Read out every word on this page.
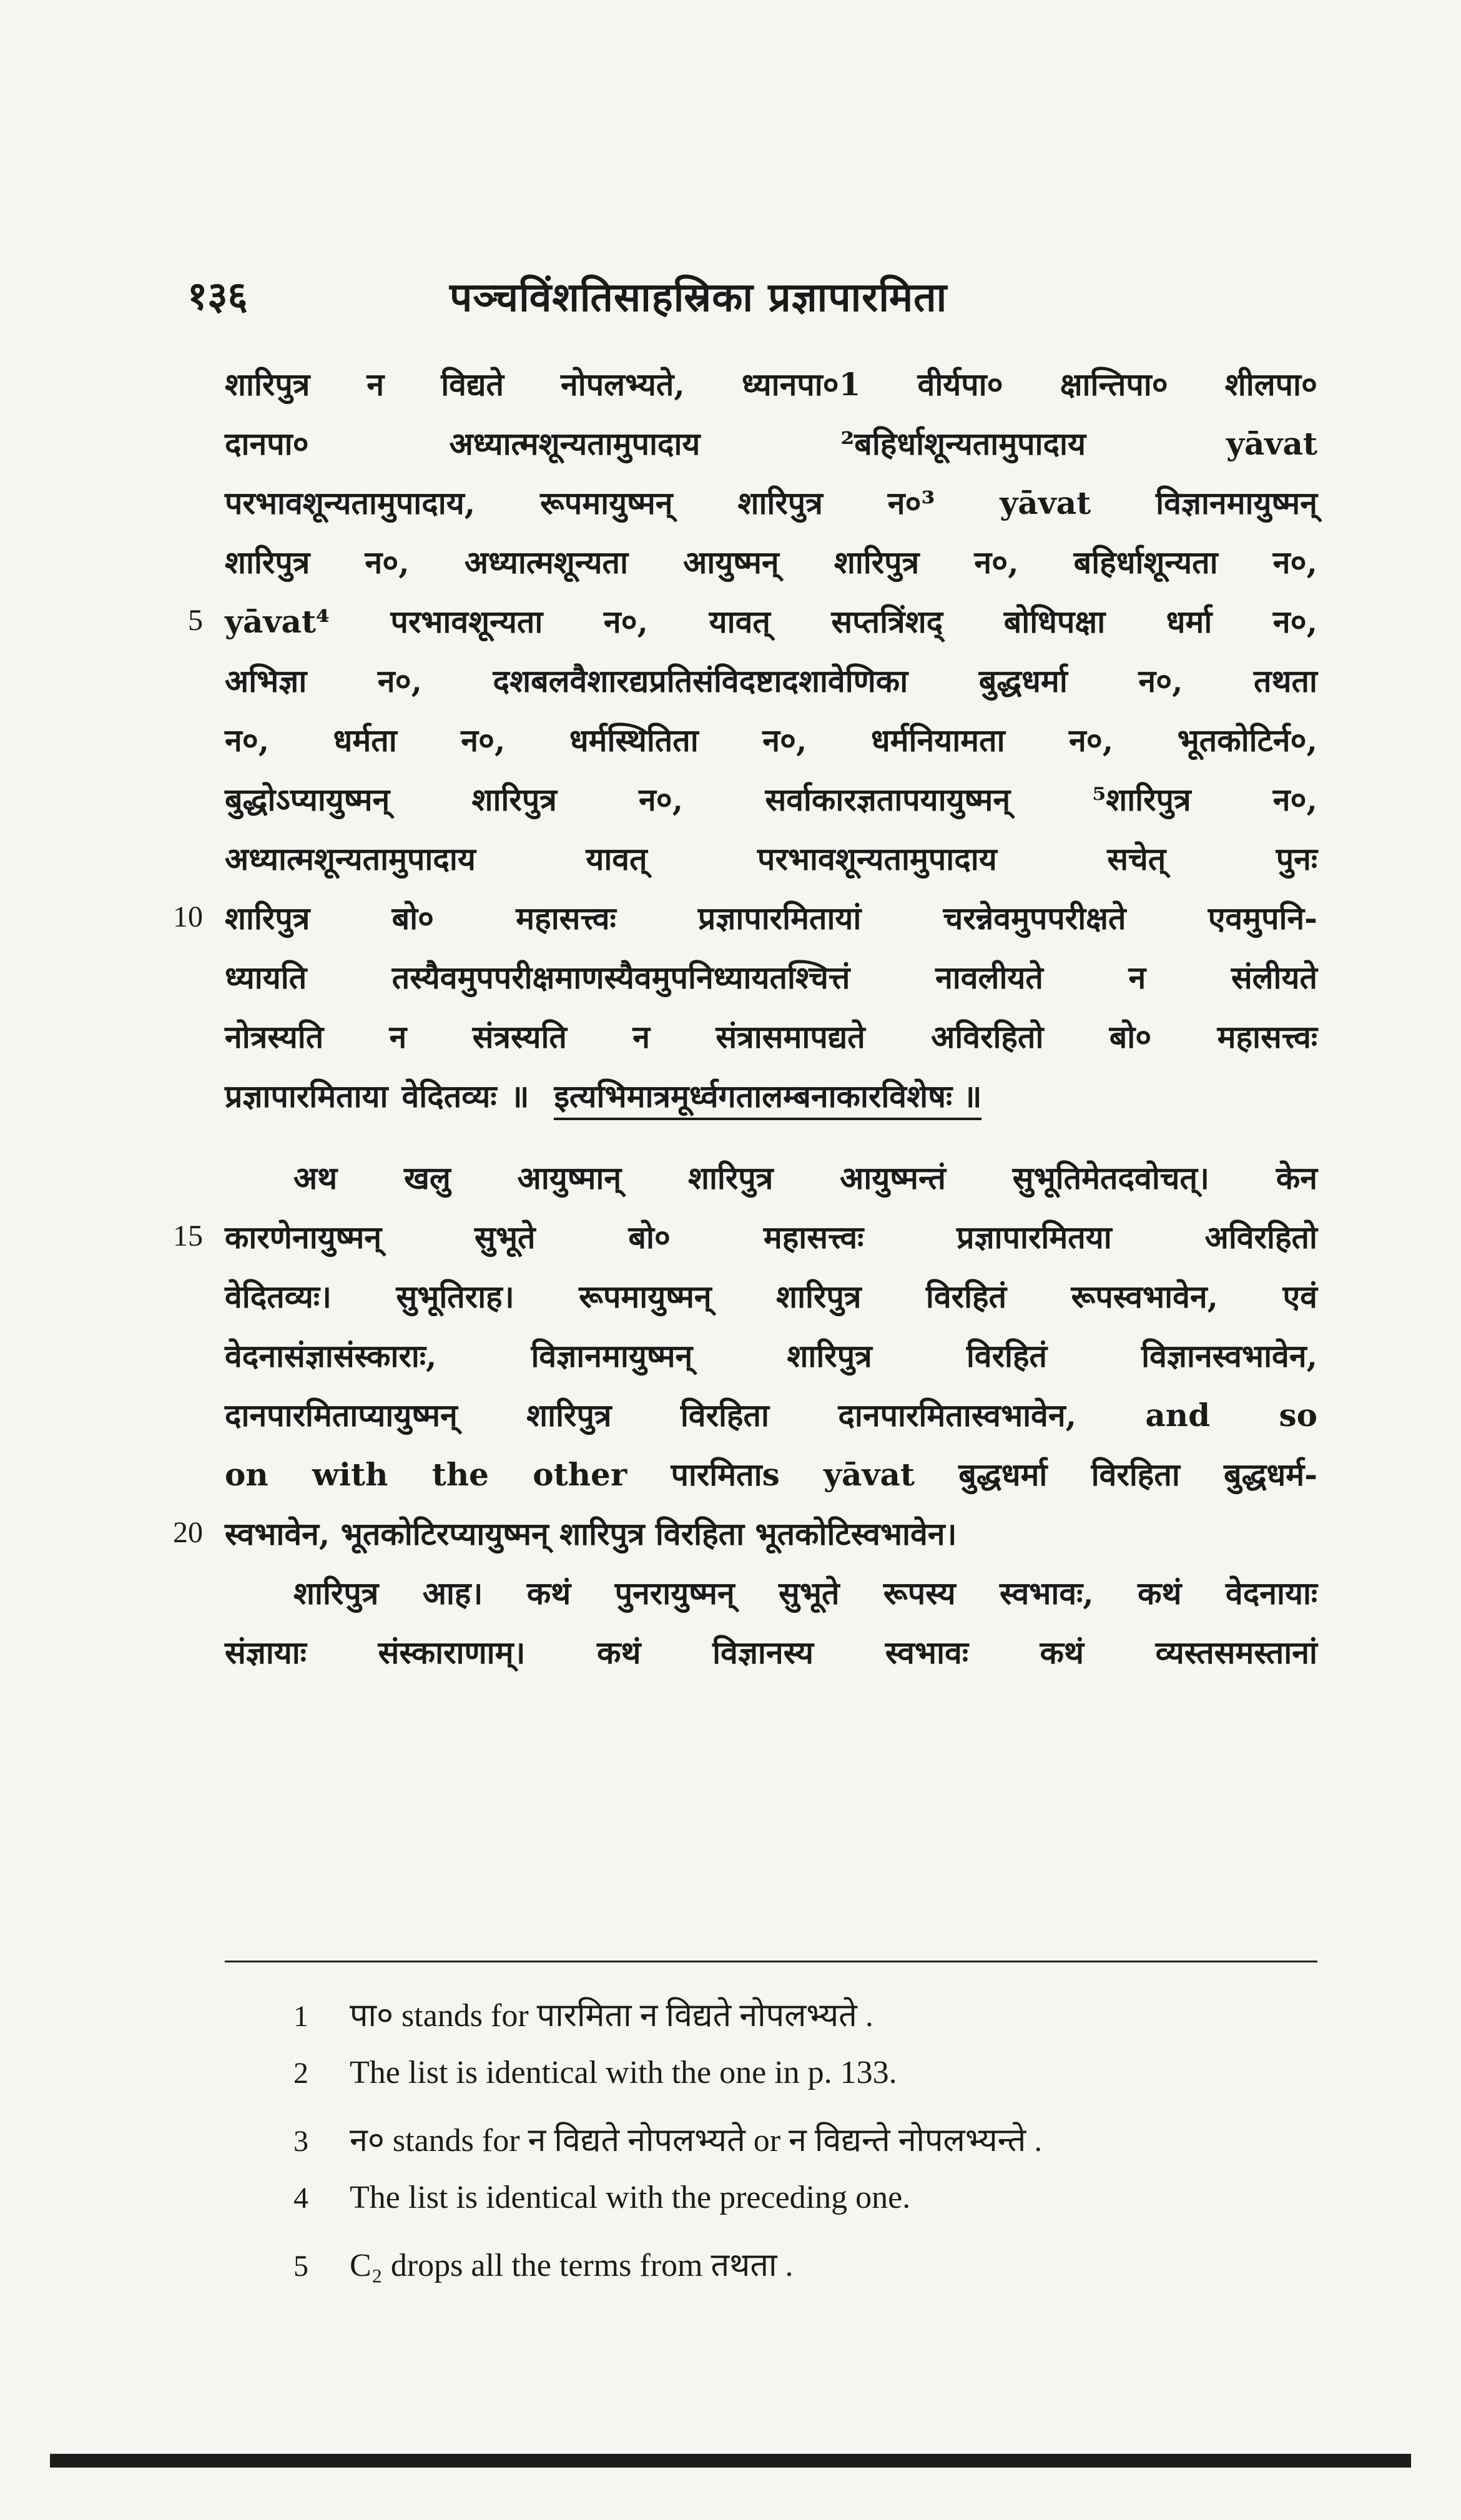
१३६	पञ्चविंशतिसाहस्रिका प्रज्ञापारमिता
शारिपुत्र न विद्यते नोपलभ्यते, ध्यानपा०1 वीर्यपा० क्षान्तिपा० शीलपा०
दानपा०	अध्यात्मशून्यतामुपादाय	²बहिर्धाशून्यतामुपादाय	yāvat
परभावशून्यतामुपादाय, रूपमायुष्मन् शारिपुत्र न०³ yāvat विज्ञानमायुष्मन्
शारिपुत्र न०, अध्यात्मशून्यता आयुष्मन् शारिपुत्र न०, बहिर्धाशून्यता न०,
5 yāvat⁴ परभावशून्यता न०, यावत् सप्तत्रिंशद् बोधिपक्षा धर्मा न०,
अभिज्ञा न०, दशबलवैशारद्यप्रतिसंविदष्टादशावेणिका बुद्धधर्मा न०, तथता
न०, धर्मता न०, धर्मस्थितिता न०, धर्मनियामता न०, भूतकोटिर्न०,
बुद्धोऽप्यायुष्मन्	शारिपुत्र	न०,	सर्वाकारज्ञतापयायुष्मन्	⁵शारिपुत्र	न०,
अध्यात्मशून्यतामुपादाय	यावत्	परभावशून्यतामुपादाय	सचेत्	पुनः
10 शारिपुत्र	बो०	महासत्त्वः	प्रज्ञापारमितायां	चरन्नेवमुपपरीक्षते	एवमुपनि-
ध्यायति	तस्यैवमुपपरीक्षमाणस्यैवमुपनिध्यायतश्चित्तं	नावलीयते	न	संलीयते
नोत्रस्यति न संत्रस्यति न संत्रासमापद्यते अविरहितो बो० महासत्त्वः
प्रज्ञापारमिताया वेदितव्यः ॥ इत्यभिमात्रमूर्ध्वगतालम्बनाकारविशेषः ॥
अथ खलु आयुष्मान् शारिपुत्र आयुष्मन्तं सुभूतिमेतदवोचत्। केन
15 कारणेनायुष्मन्	सुभूते	बो०	महासत्त्वः	प्रज्ञापारमितया	अविरहितो
वेदितव्यः। सुभूतिराह। रूपमायुष्मन् शारिपुत्र विरहितं रूपस्वभावेन, एवं
वेदनासंज्ञासंस्काराः,	विज्ञानमायुष्मन्	शारिपुत्र	विरहितं	विज्ञानस्वभावेन,
दानपारमिताप्यायुष्मन् शारिपुत्र विरहिता दानपारमितास्वभावेन, and so
on with the other पारमिताs yāvat बुद्धधर्मा विरहिता बुद्धधर्म-
20 स्वभावेन, भूतकोटिरप्यायुष्मन् शारिपुत्र विरहिता भूतकोटिस्वभावेन।
शारिपुत्र आह। कथं पुनरायुष्मन् सुभूते रूपस्य स्वभावः, कथं वेदनायाः
संज्ञायाः संस्काराणाम्। कथं विज्ञानस्य स्वभावः कथं व्यस्तसमस्तानां
1	पा० stands for पारमिता न विद्यते नोपलभ्यते .
2	The list is identical with the one in p. 133.
3	न० stands for न विद्यते नोपलभ्यते or न विद्यन्ते नोपलभ्यन्ते .
4	The list is identical with the preceding one.
5	C₂ drops all the terms from तथता .
